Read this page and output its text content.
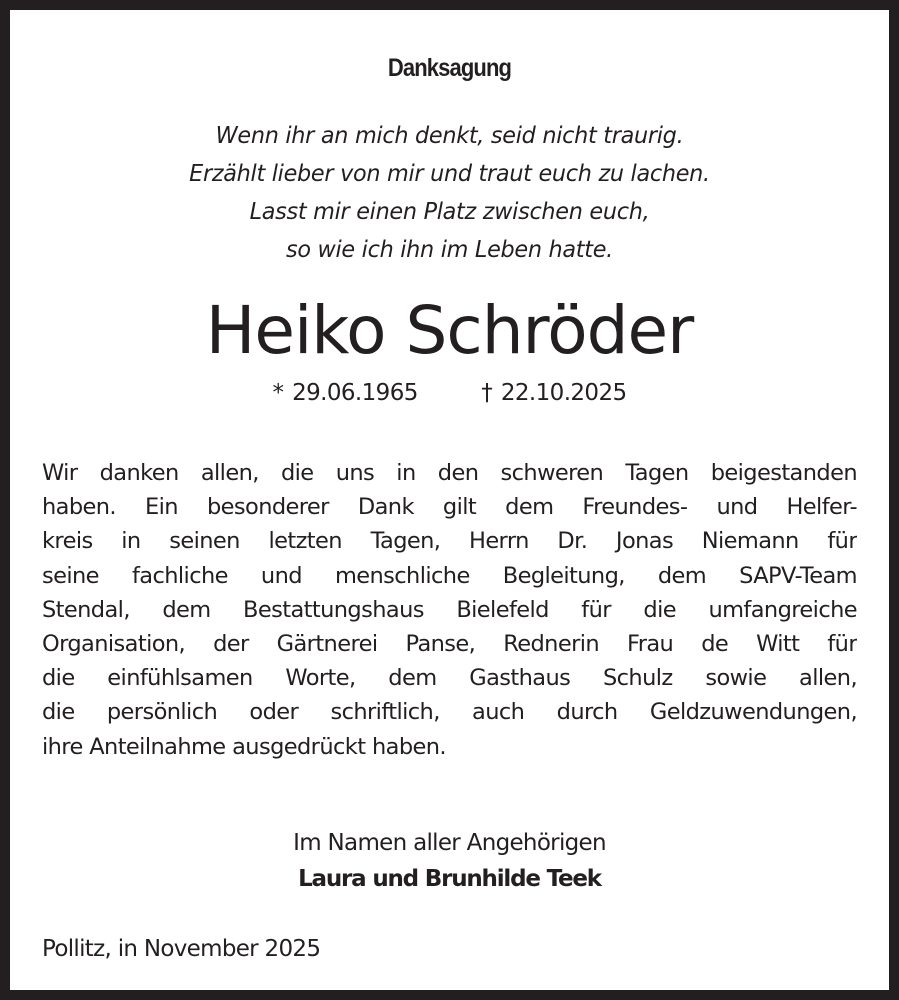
Danksagung
Wenn ihr an mich denkt, seid nicht traurig.
Erzählt lieber von mir und traut euch zu lachen.
Lasst mir einen Platz zwischen euch,
so wie ich ihn im Leben hatte.
Heiko Schröder
* 29.06.1965	† 22.10.2025
Wir danken allen, die uns in den schweren Tagen beigestanden
haben. Ein besonderer Dank gilt dem Freundes- und Helfer-
kreis in seinen letzten Tagen, Herrn Dr. Jonas Niemann für
seine fachliche und menschliche Begleitung, dem SAPV-Team
Stendal, dem Bestattungshaus Bielefeld für die umfangreiche
Organisation, der Gärtnerei Panse, Rednerin Frau de Witt für
die einfühlsamen Worte, dem Gasthaus Schulz sowie allen,
die persönlich oder schriftlich, auch durch Geldzuwendungen,
ihre Anteilnahme ausgedrückt haben.
Im Namen aller Angehörigen
Laura und Brunhilde Teek
Pollitz, in November 2025
